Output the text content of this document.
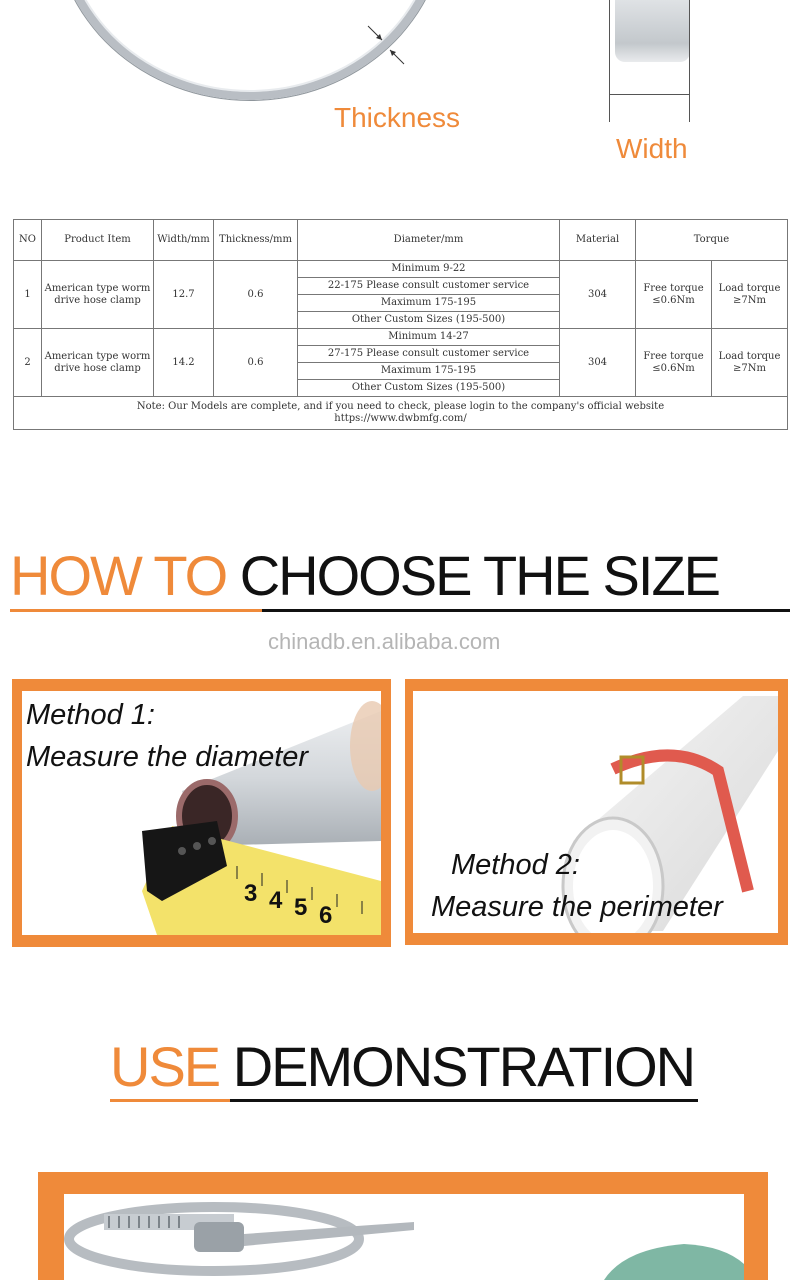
Thickness
Width
NO	Product Item	Width/mm	Thickness/mm	Diameter/mm	Material	Torque	
1	American type worm drive hose clamp	12.7	0.6	Minimum 9-22	304	Free torque ≤0.6Nm	Load torque ≥7Nm
				22-175 Please consult customer service			
				Maximum 175-195			
				Other Custom Sizes (195-500)			
2	American type worm drive hose clamp	14.2	0.6	Minimum 14-27	304	Free torque ≤0.6Nm	Load torque ≥7Nm
				27-175 Please consult customer service			
				Maximum 175-195			
				Other Custom Sizes (195-500)			
Note: Our Models are complete, and if you need to check, please login to the company's official website https://www.dwbmfg.com/							
HOW TO CHOOSE THE SIZE
chinadb.en.alibaba.com
3 4 5 6
Method 1:
Measure the diameter
Method 2:
Measure the perimeter
USE DEMONSTRATION
